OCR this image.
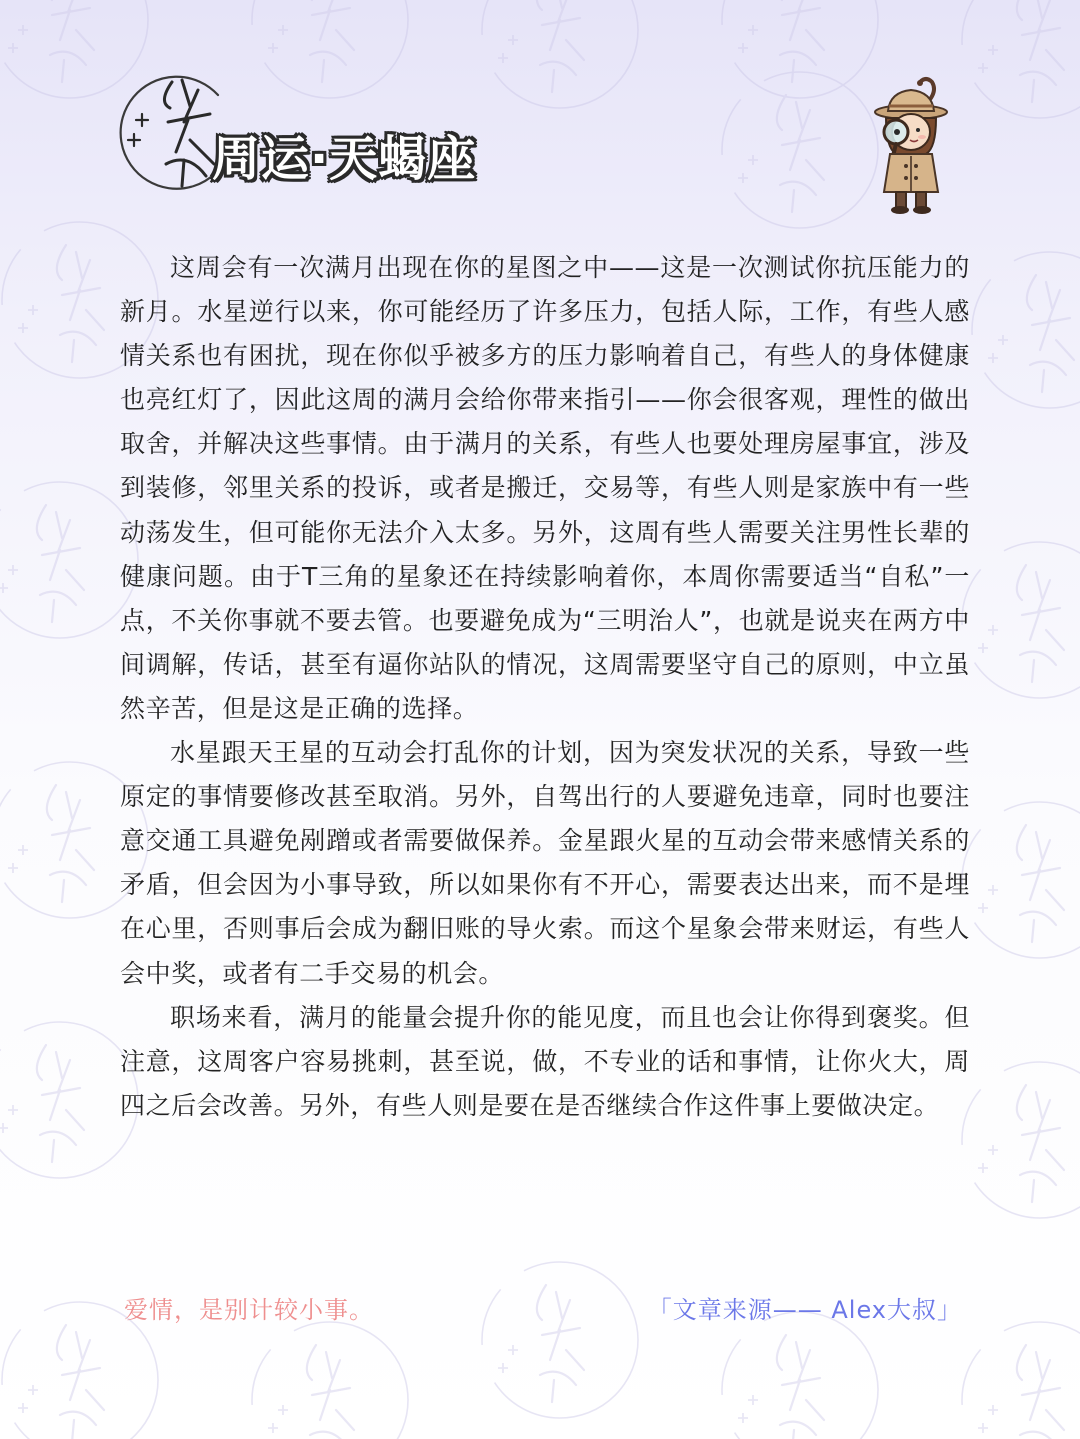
周运·天蝎座

这周会有一次满月出现在你的星图之中——这是一次测试你抗压能力的新月。水星逆行以来，你可能经历了许多压力，包括人际，工作，有些人感情关系也有困扰，现在你似乎被多方的压力影响着自己，有些人的身体健康也亮红灯了，因此这周的满月会给你带来指引——你会很客观，理性的做出取舍，并解决这些事情。由于满月的关系，有些人也要处理房屋事宜，涉及到装修，邻里关系的投诉，或者是搬迁，交易等，有些人则是家族中有一些动荡发生，但可能你无法介入太多。另外，这周有些人需要关注男性长辈的健康问题。由于T三角的星象还在持续影响着你，本周你需要适当“自私”一点，不关你事就不要去管。也要避免成为“三明治人”，也就是说夹在两方中间调解，传话，甚至有逼你站队的情况，这周需要坚守自己的原则，中立虽然辛苦，但是这是正确的选择。

水星跟天王星的互动会打乱你的计划，因为突发状况的关系，导致一些原定的事情要修改甚至取消。另外，自驾出行的人要避免违章，同时也要注意交通工具避免剐蹭或者需要做保养。金星跟火星的互动会带来感情关系的矛盾，但会因为小事导致，所以如果你有不开心，需要表达出来，而不是埋在心里，否则事后会成为翻旧账的导火索。而这个星象会带来财运，有些人会中奖，或者有二手交易的机会。

职场来看，满月的能量会提升你的能见度，而且也会让你得到褒奖。但注意，这周客户容易挑刺，甚至说，做，不专业的话和事情，让你火大，周四之后会改善。另外，有些人则是要在是否继续合作这件事上要做决定。

爱情，是别计较小事。	「文章来源—— Alex大叔」
